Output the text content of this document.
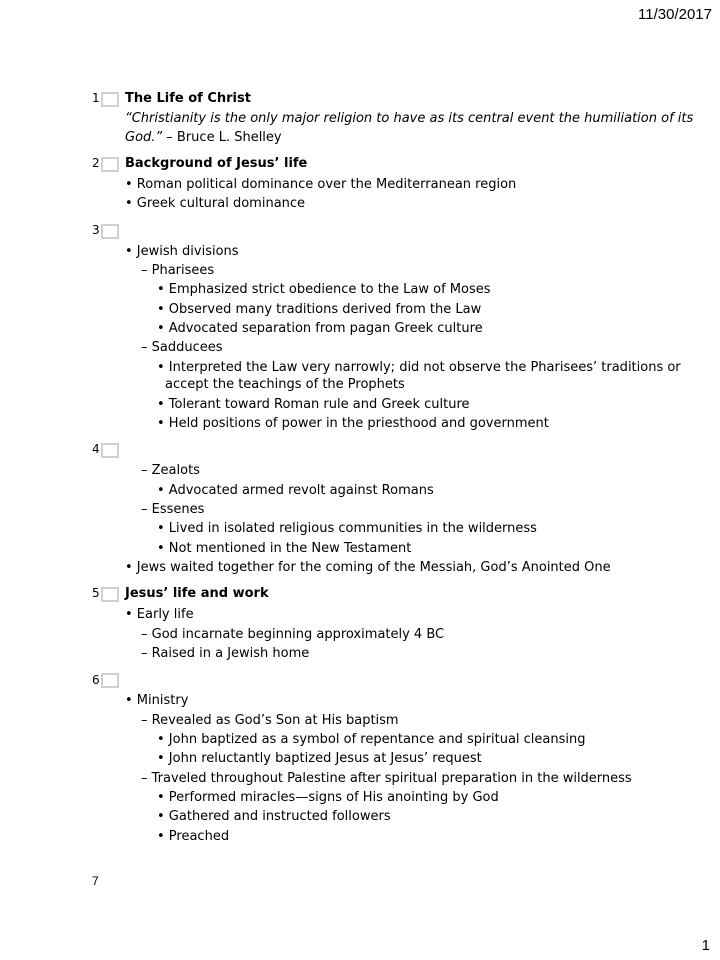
11/30/2017
1 The Life of Christ
“Christianity is the only major religion to have as its central event the humiliation of its
God.” – Bruce L. Shelley
2 Background of Jesus’ life
• Roman political dominance over the Mediterranean region
• Greek cultural dominance
3
• Jewish divisions
– Pharisees
• Emphasized strict obedience to the Law of Moses
• Observed many traditions derived from the Law
• Advocated separation from pagan Greek culture
– Sadducees
• Interpreted the Law very narrowly; did not observe the Pharisees’ traditions or
accept the teachings of the Prophets
• Tolerant toward Roman rule and Greek culture
• Held positions of power in the priesthood and government
4
– Zealots
• Advocated armed revolt against Romans
– Essenes
• Lived in isolated religious communities in the wilderness
• Not mentioned in the New Testament
• Jews waited together for the coming of the Messiah, God’s Anointed One
5 Jesus’ life and work
• Early life
– God incarnate beginning approximately 4 BC
– Raised in a Jewish home
6
• Ministry
– Revealed as God’s Son at His baptism
• John baptized as a symbol of repentance and spiritual cleansing
• John reluctantly baptized Jesus at Jesus’ request
– Traveled throughout Palestine after spiritual preparation in the wilderness
• Performed miracles—signs of His anointing by God
• Gathered and instructed followers
• Preached
7
1
